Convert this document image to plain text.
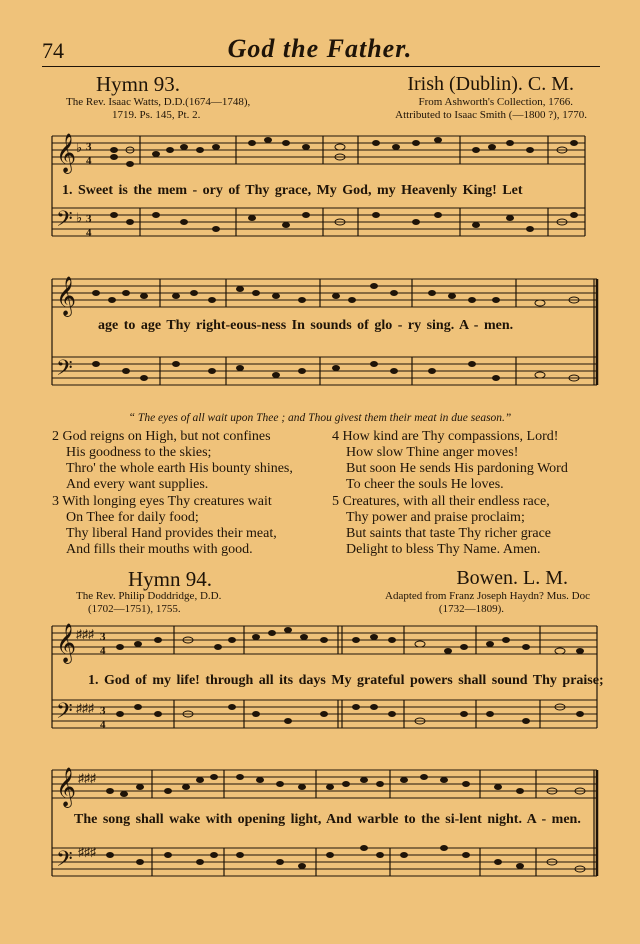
74	God the Father.
Hymn 93.
The Rev. Isaac Watts, D.D.(1674—1748),
1719. Ps. 145, Pt. 2.
Irish (Dublin). C. M.
From Ashworth's Collection, 1766.
Attributed to Isaac Smith (—1800 ?), 1770.
𝄞
𝄢
♭
♭
3
4
3
4
1. Sweet is the mem - ory of Thy grace, My God, my Heavenly King! Let
𝄞
𝄢
age to age Thy right-eous-ness In sounds of glo - ry sing. A - men.
“ The eyes of all wait upon Thee ; and Thou givest them their meat in due season.”
2 God reigns on High, but not confines
His goodness to the skies;
Thro' the whole earth His bounty shines,
And every want supplies.
4 How kind are Thy compassions, Lord!
How slow Thine anger moves!
But soon He sends His pardoning Word
To cheer the souls He loves.
3 With longing eyes Thy creatures wait
On Thee for daily food;
Thy liberal Hand provides their meat,
And fills their mouths with good.
5 Creatures, with all their endless race,
Thy power and praise proclaim;
But saints that taste Thy richer grace
Delight to bless Thy Name. Amen.
Hymn 94.
The Rev. Philip Doddridge, D.D.
(1702—1751), 1755.
Bowen. L. M.
Adapted from Franz Joseph Haydn? Mus. Doc
(1732—1809).
𝄞
𝄢
♯♯♯
♯♯♯
3
4
3
4
1. God of my life! through all its days My grateful powers shall sound Thy praise;
𝄞
𝄢
♯♯♯
♯♯♯
The song shall wake with opening light, And warble to the si-lent night. A - men.
